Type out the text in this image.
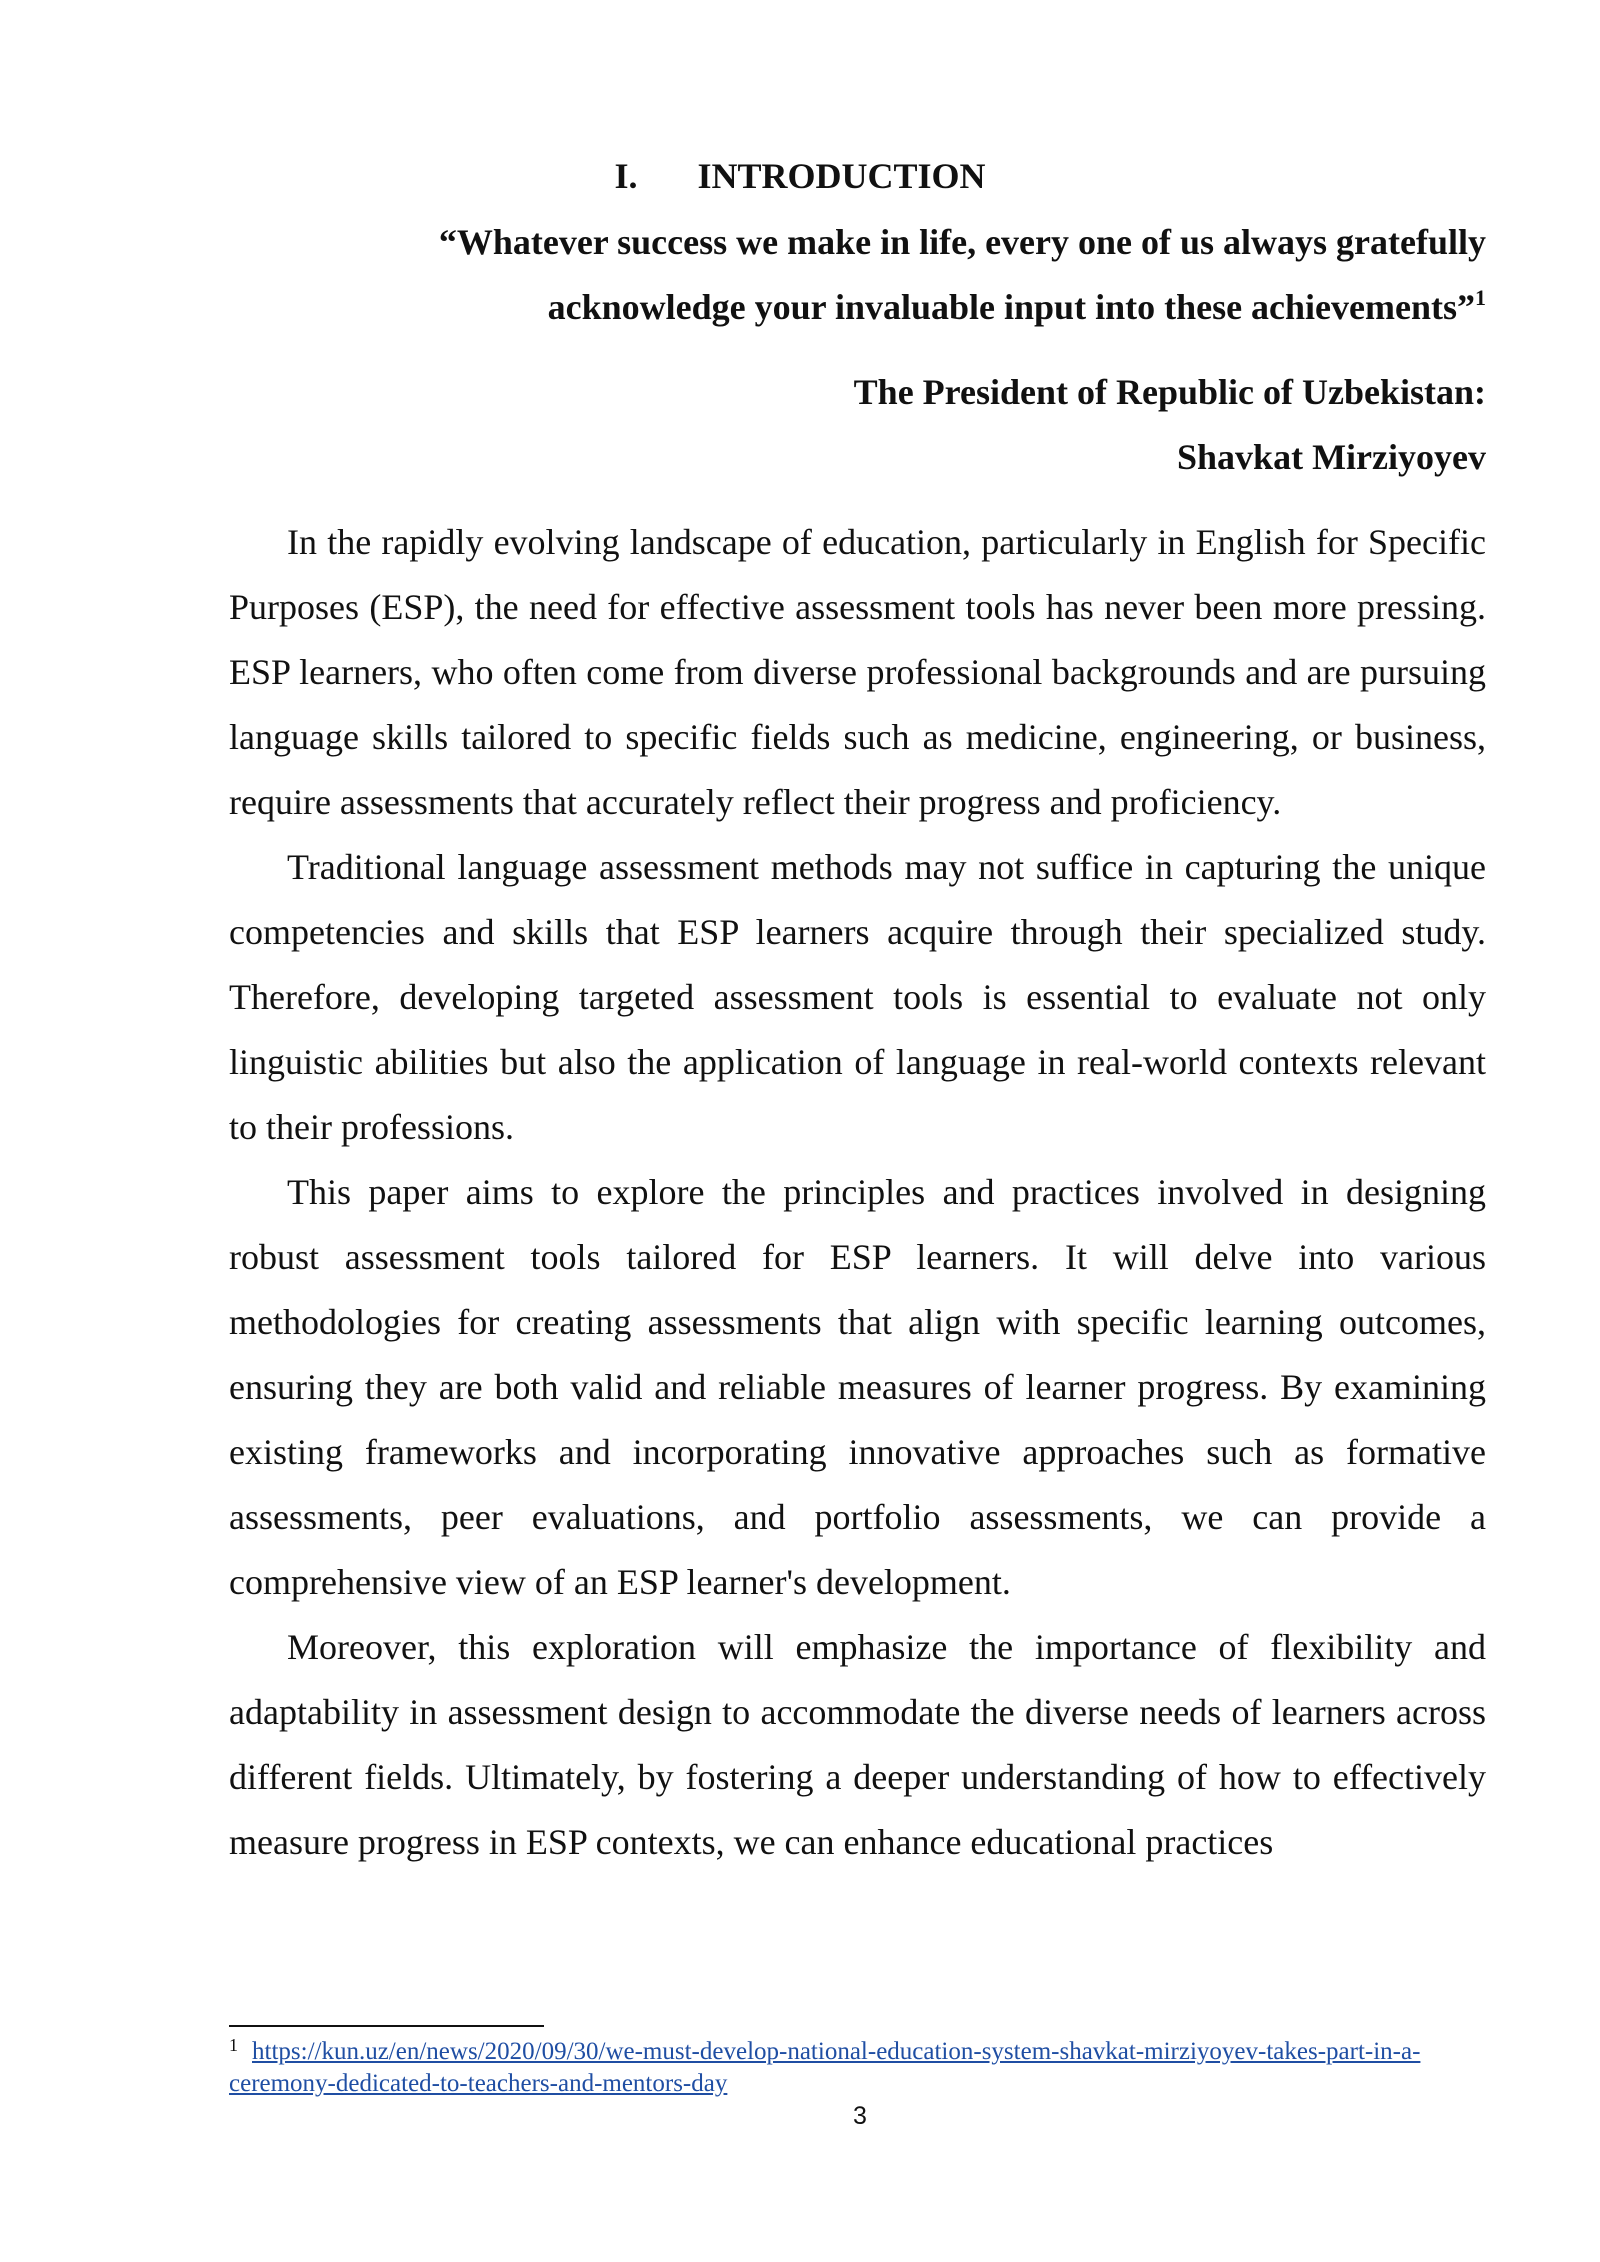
I. INTRODUCTION
“Whatever success we make in life, every one of us always gratefully
acknowledge your invaluable input into these achievements”$^1$
The President of Republic of Uzbekistan:
Shavkat Mirziyoyev

In the rapidly evolving landscape of education, particularly in English for Specific Purposes (ESP), the need for effective assessment tools has never been more pressing. ESP learners, who often come from diverse professional backgrounds and are pursuing language skills tailored to specific fields such as medicine, engineering, or business, require assessments that accurately reflect their progress and proficiency.

Traditional language assessment methods may not suffice in capturing the unique competencies and skills that ESP learners acquire through their specialized study. Therefore, developing targeted assessment tools is essential to evaluate not only linguistic abilities but also the application of language in real-world contexts relevant to their professions.

This paper aims to explore the principles and practices involved in designing robust assessment tools tailored for ESP learners. It will delve into various methodologies for creating assessments that align with specific learning outcomes, ensuring they are both valid and reliable measures of learner progress. By examining existing frameworks and incorporating innovative approaches such as formative assessments, peer evaluations, and portfolio assessments, we can provide a comprehensive view of an ESP learner's development.

Moreover, this exploration will emphasize the importance of flexibility and adaptability in assessment design to accommodate the diverse needs of learners across different fields. Ultimately, by fostering a deeper understanding of how to effectively measure progress in ESP contexts, we can enhance educational practices

$^1$ https://kun.uz/en/news/2020/09/30/we-must-develop-national-education-system-shavkat-mirziyoyev-takes-part-in-a-ceremony-dedicated-to-teachers-and-mentors-day
3
